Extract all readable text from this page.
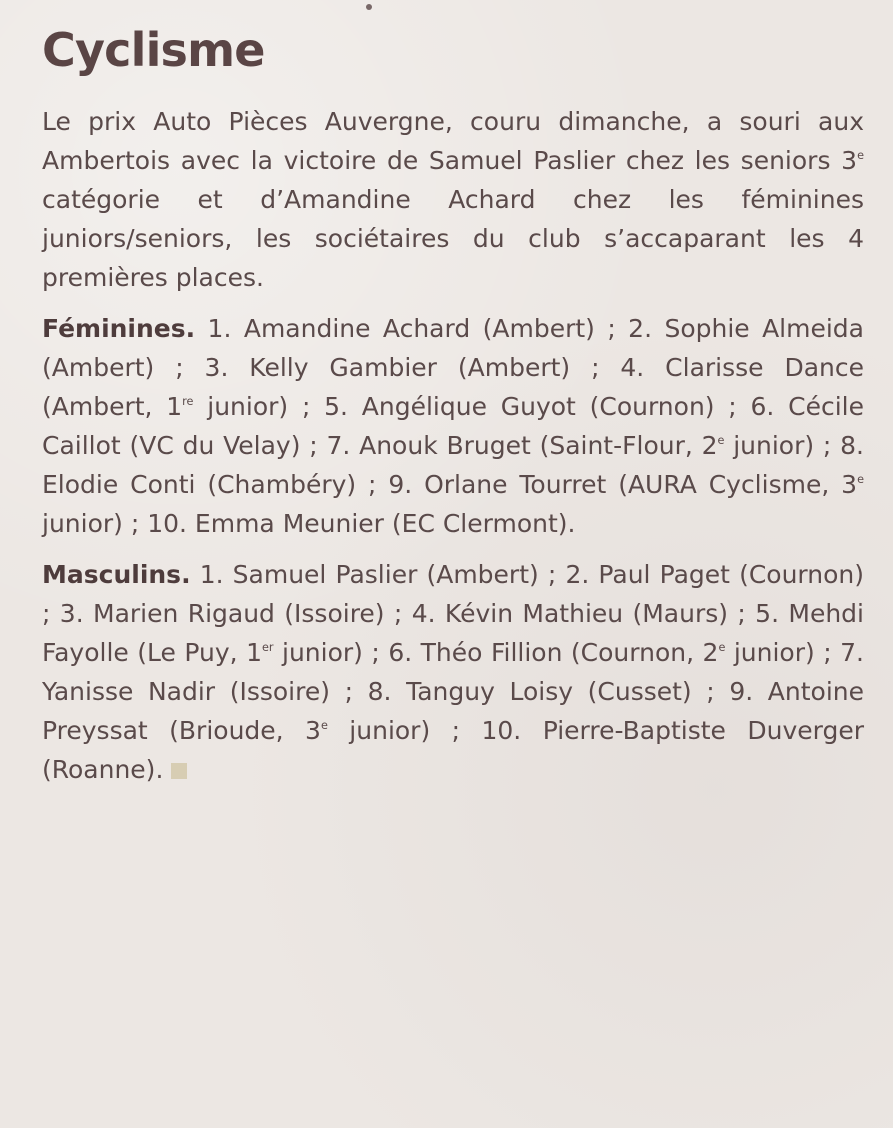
Cyclisme

Le prix Auto Pièces Auvergne, couru dimanche, a souri aux Ambertois avec la victoire de Samuel Paslier chez les seniors 3e catégorie et d’Amandine Achard chez les féminines juniors/seniors, les sociétaires du club s’accaparant les 4 premières places.

Féminines. 1. Amandine Achard (Ambert) ; 2. Sophie Almeida (Ambert) ; 3. Kelly Gambier (Ambert) ; 4. Clarisse Dance (Ambert, 1re junior) ; 5. Angélique Guyot (Cournon) ; 6. Cécile Caillot (VC du Velay) ; 7. Anouk Bruget (Saint-Flour, 2e junior) ; 8. Elodie Conti (Chambéry) ; 9. Orlane Tourret (AURA Cyclisme, 3e junior) ; 10. Emma Meunier (EC Clermont).

Masculins. 1. Samuel Paslier (Ambert) ; 2. Paul Paget (Cournon) ; 3. Marien Rigaud (Issoire) ; 4. Kévin Mathieu (Maurs) ; 5. Mehdi Fayolle (Le Puy, 1er junior) ; 6. Théo Fillion (Cournon, 2e junior) ; 7. Yanisse Nadir (Issoire) ; 8. Tanguy Loisy (Cusset) ; 9. Antoine Preyssat (Brioude, 3e junior) ; 10. Pierre-Baptiste Duverger (Roanne).
